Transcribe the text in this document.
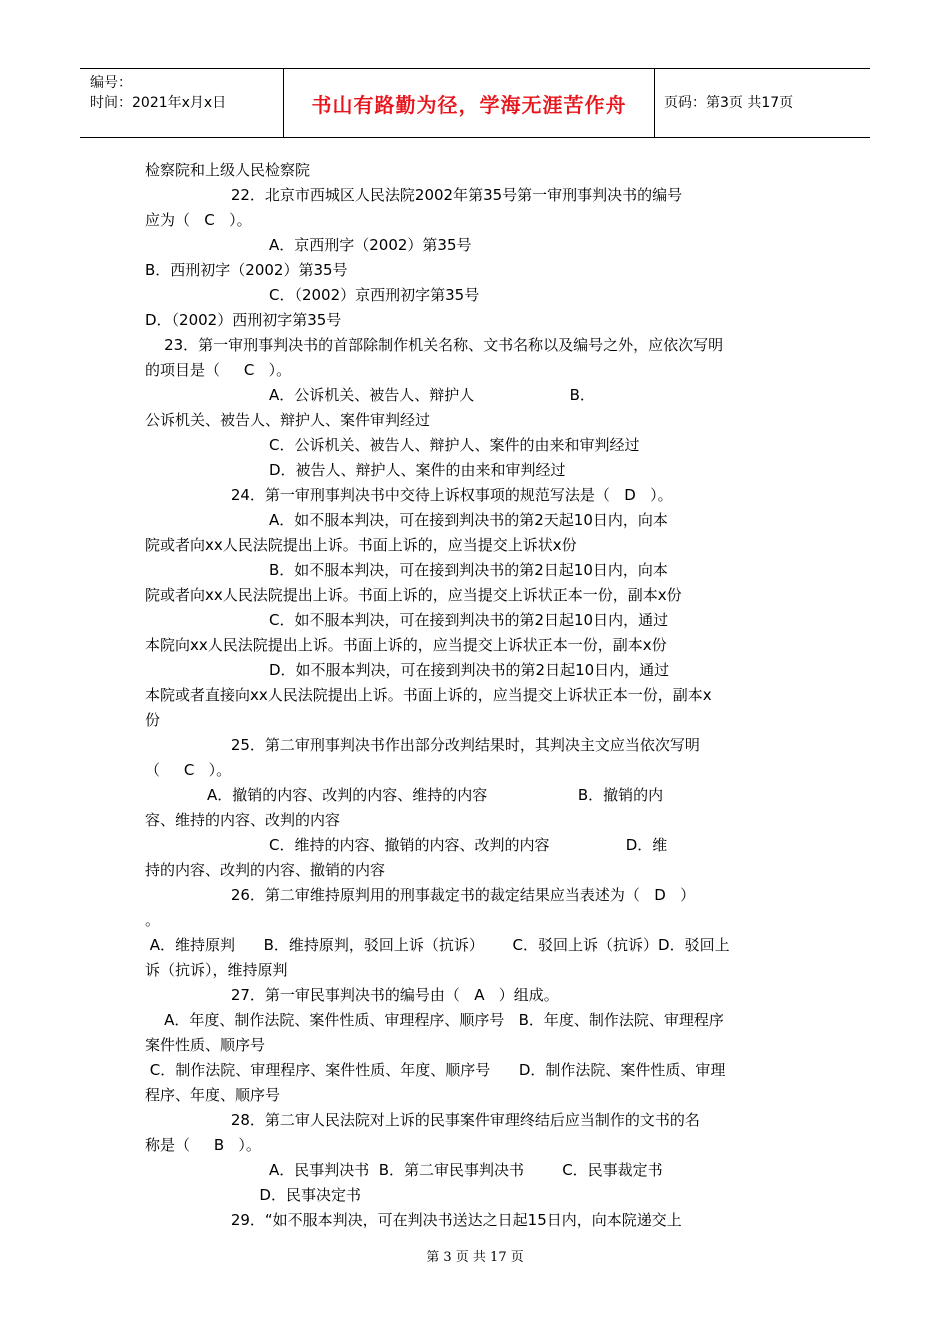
编号：
时间：2021年x月x日	书山有路勤为径，学海无涯苦作舟	页码：第3页 共17页
检察院和上级人民检察院
22．北京市西城区人民法院2002年第35号第一审刑事判决书的编号
应为（   C   ）。
A．京西刑字（2002）第35号
B．西刑初字（2002）第35号
C．（2002）京西刑初字第35号
D．（2002）西刑初字第35号
23．第一审刑事判决书的首部除制作机关名称、文书名称以及编号之外，应依次写明
的项目是（     C   ）。
A．公诉机关、被告人、辩护人                    B．
公诉机关、被告人、辩护人、案件审判经过
C．公诉机关、被告人、辩护人、案件的由来和审判经过
D．被告人、辩护人、案件的由来和审判经过
24．第一审刑事判决书中交待上诉权事项的规范写法是（   D   ）。
A．如不服本判决，可在接到判决书的第2天起10日内，向本
院或者向xx人民法院提出上诉。书面上诉的，应当提交上诉状x份
B．如不服本判决，可在接到判决书的第2日起10日内，向本
院或者向xx人民法院提出上诉。书面上诉的，应当提交上诉状正本一份，副本x份
C．如不服本判决，可在接到判决书的第2日起10日内，通过
本院向xx人民法院提出上诉。书面上诉的，应当提交上诉状正本一份，副本x份
D．如不服本判决，可在接到判决书的第2日起10日内，通过
本院或者直接向xx人民法院提出上诉。书面上诉的，应当提交上诉状正本一份，副本x
份
25．第二审刑事判决书作出部分改判结果时，其判决主文应当依次写明
（     C   ）。
A．撤销的内容、改判的内容、维持的内容                   B．撤销的内
容、维持的内容、改判的内容
C．维持的内容、撤销的内容、改判的内容                D．维
持的内容、改判的内容、撤销的内容
26．第二审维持原判用的刑事裁定书的裁定结果应当表述为（   D   ）
。
A．维持原判      B．维持原判，驳回上诉（抗诉）      C．驳回上诉（抗诉）D．驳回上
诉（抗诉），维持原判
27．第一审民事判决书的编号由（   A   ）组成。
A．年度、制作法院、案件性质、审理程序、顺序号   B．年度、制作法院、审理程序
案件性质、顺序号
C．制作法院、审理程序、案件性质、年度、顺序号      D．制作法院、案件性质、审理
程序、年度、顺序号
28．第二审人民法院对上诉的民事案件审理终结后应当制作的文书的名
称是（     B   ）。
A．民事判决书  B．第二审民事判决书        C．民事裁定书
D．民事决定书
29．“如不服本判决，可在判决书送达之日起15日内，向本院递交上
第 3 页 共 17 页
